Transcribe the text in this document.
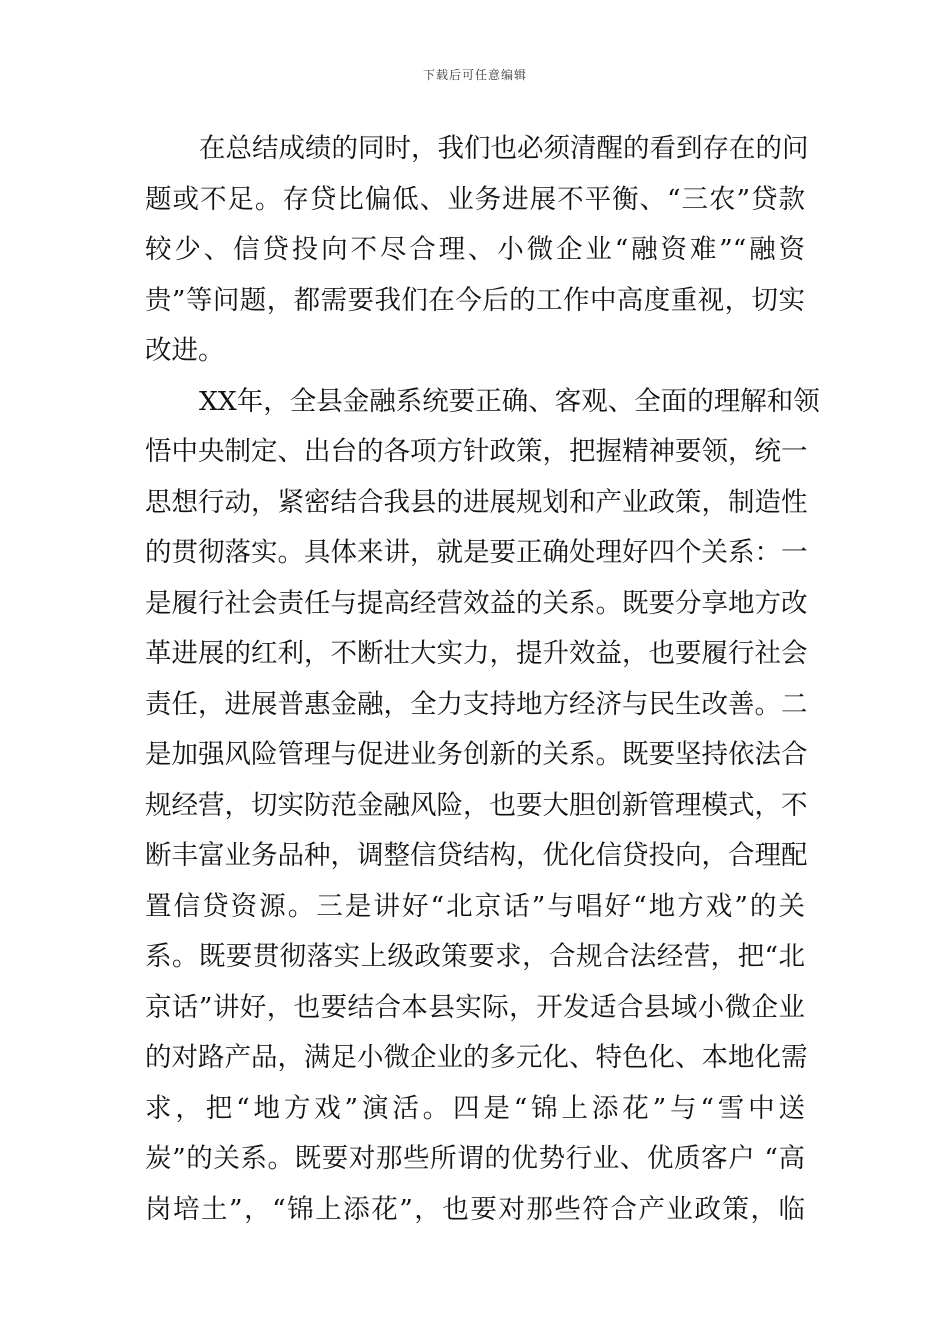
下载后可任意编辑
在总结成绩的同时，我们也必须清醒的看到存在的问
题或不足。存贷比偏低、业务进展不平衡、“三农”贷款
较少、信贷投向不尽合理、小微企业“融资难”“融资
贵”等问题，都需要我们在今后的工作中高度重视，切实
改进。
XX年，全县金融系统要正确、客观、全面的理解和领
悟中央制定、出台的各项方针政策，把握精神要领，统一
思想行动，紧密结合我县的进展规划和产业政策，制造性
的贯彻落实。具体来讲，就是要正确处理好四个关系：一
是履行社会责任与提高经营效益的关系。既要分享地方改
革进展的红利，不断壮大实力，提升效益，也要履行社会
责任，进展普惠金融，全力支持地方经济与民生改善。二
是加强风险管理与促进业务创新的关系。既要坚持依法合
规经营，切实防范金融风险，也要大胆创新管理模式，不
断丰富业务品种，调整信贷结构，优化信贷投向，合理配
置信贷资源。三是讲好“北京话”与唱好“地方戏”的关
系。既要贯彻落实上级政策要求，合规合法经营，把“北
京话”讲好，也要结合本县实际，开发适合县域小微企业
的对路产品，满足小微企业的多元化、特色化、本地化需
求，把“地方戏”演活。四是“锦上添花”与“雪中送
炭”的关系。既要对那些所谓的优势行业、优质客户 “高
岗培土”，“锦上添花”，也要对那些符合产业政策，临
